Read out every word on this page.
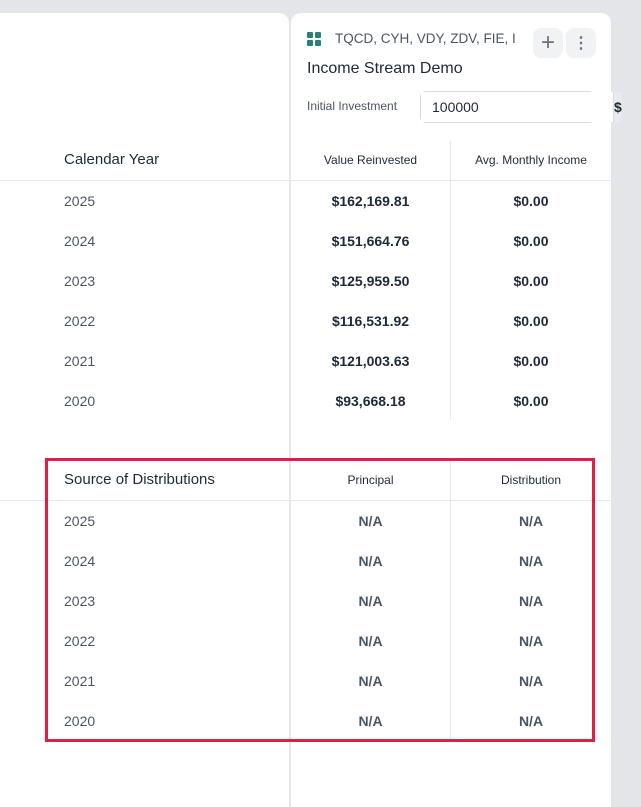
TQCD, CYH, VDY, ZDV, FIE, I + ⋮
Income Stream Demo
Initial Investment
100000	$
Calendar Year	Value Reinvested	Avg. Monthly Income
2025	$162,169.81	$0.00
2024	$151,664.76	$0.00
2023	$125,959.50	$0.00
2022	$116,531.92	$0.00
2021	$121,003.63	$0.00
2020	$93,668.18	$0.00
Source of Distributions	Principal	Distribution
2025	N/A	N/A
2024	N/A	N/A
2023	N/A	N/A
2022	N/A	N/A
2021	N/A	N/A
2020	N/A	N/A
